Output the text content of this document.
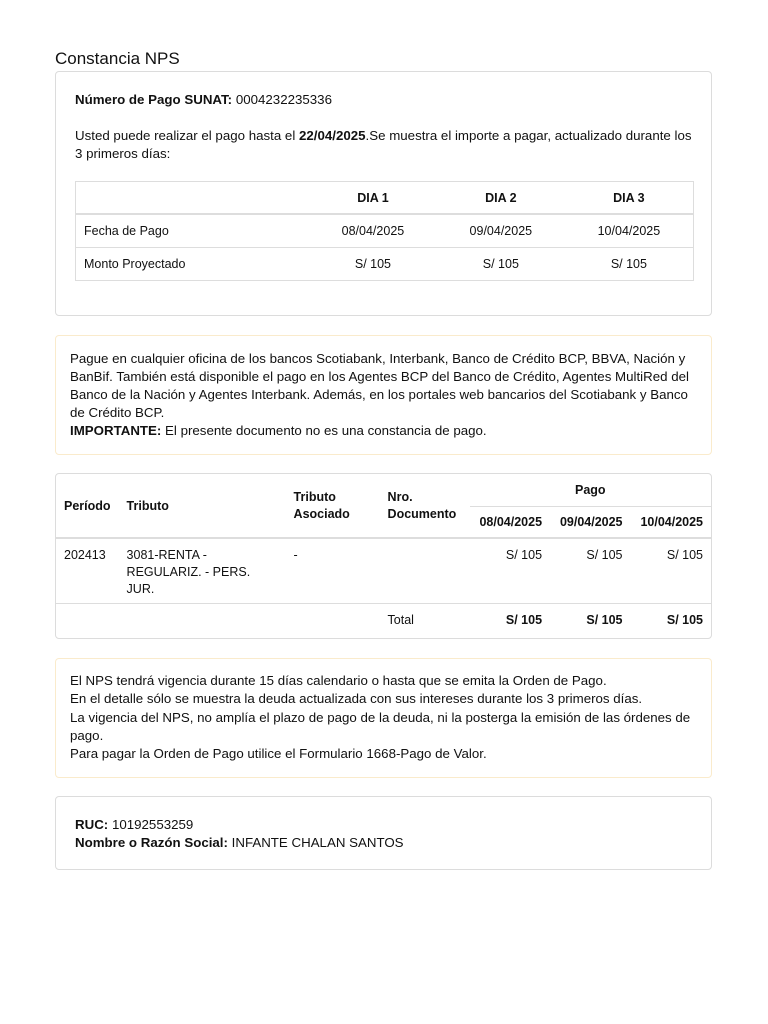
Constancia NPS
Número de Pago SUNAT: 0004232235336
Usted puede realizar el pago hasta el 22/04/2025.Se muestra el importe a pagar, actualizado durante los 3 primeros días:
	DIA 1	DIA 2	DIA 3
Fecha de Pago	08/04/2025	09/04/2025	10/04/2025
Monto Proyectado	S/ 105	S/ 105	S/ 105

Pague en cualquier oficina de los bancos Scotiabank, Interbank, Banco de Crédito BCP, BBVA, Nación y BanBif. También está disponible el pago en los Agentes BCP del Banco de Crédito, Agentes MultiRed del Banco de la Nación y Agentes Interbank. Además, en los portales web bancarios del Scotiabank y Banco de Crédito BCP.

IMPORTANTE: El presente documento no es una constancia de pago.

Período	Tributo	Tributo Asociado	Nro. Documento	Pago		
				08/04/2025	09/04/2025	10/04/2025
202413	3081-RENTA - REGULARIZ. - PERS. JUR.	-		S/ 105	S/ 105	S/ 105
			Total	S/ 105	S/ 105	S/ 105
El NPS tendrá vigencia durante 15 días calendario o hasta que se emita la Orden de Pago.
En el detalle sólo se muestra la deuda actualizada con sus intereses durante los 3 primeros días.
La vigencia del NPS, no amplía el plazo de pago de la deuda, ni la posterga la emisión de las órdenes de pago.
Para pagar la Orden de Pago utilice el Formulario 1668-Pago de Valor.
RUC: 10192553259
Nombre o Razón Social: INFANTE CHALAN SANTOS
